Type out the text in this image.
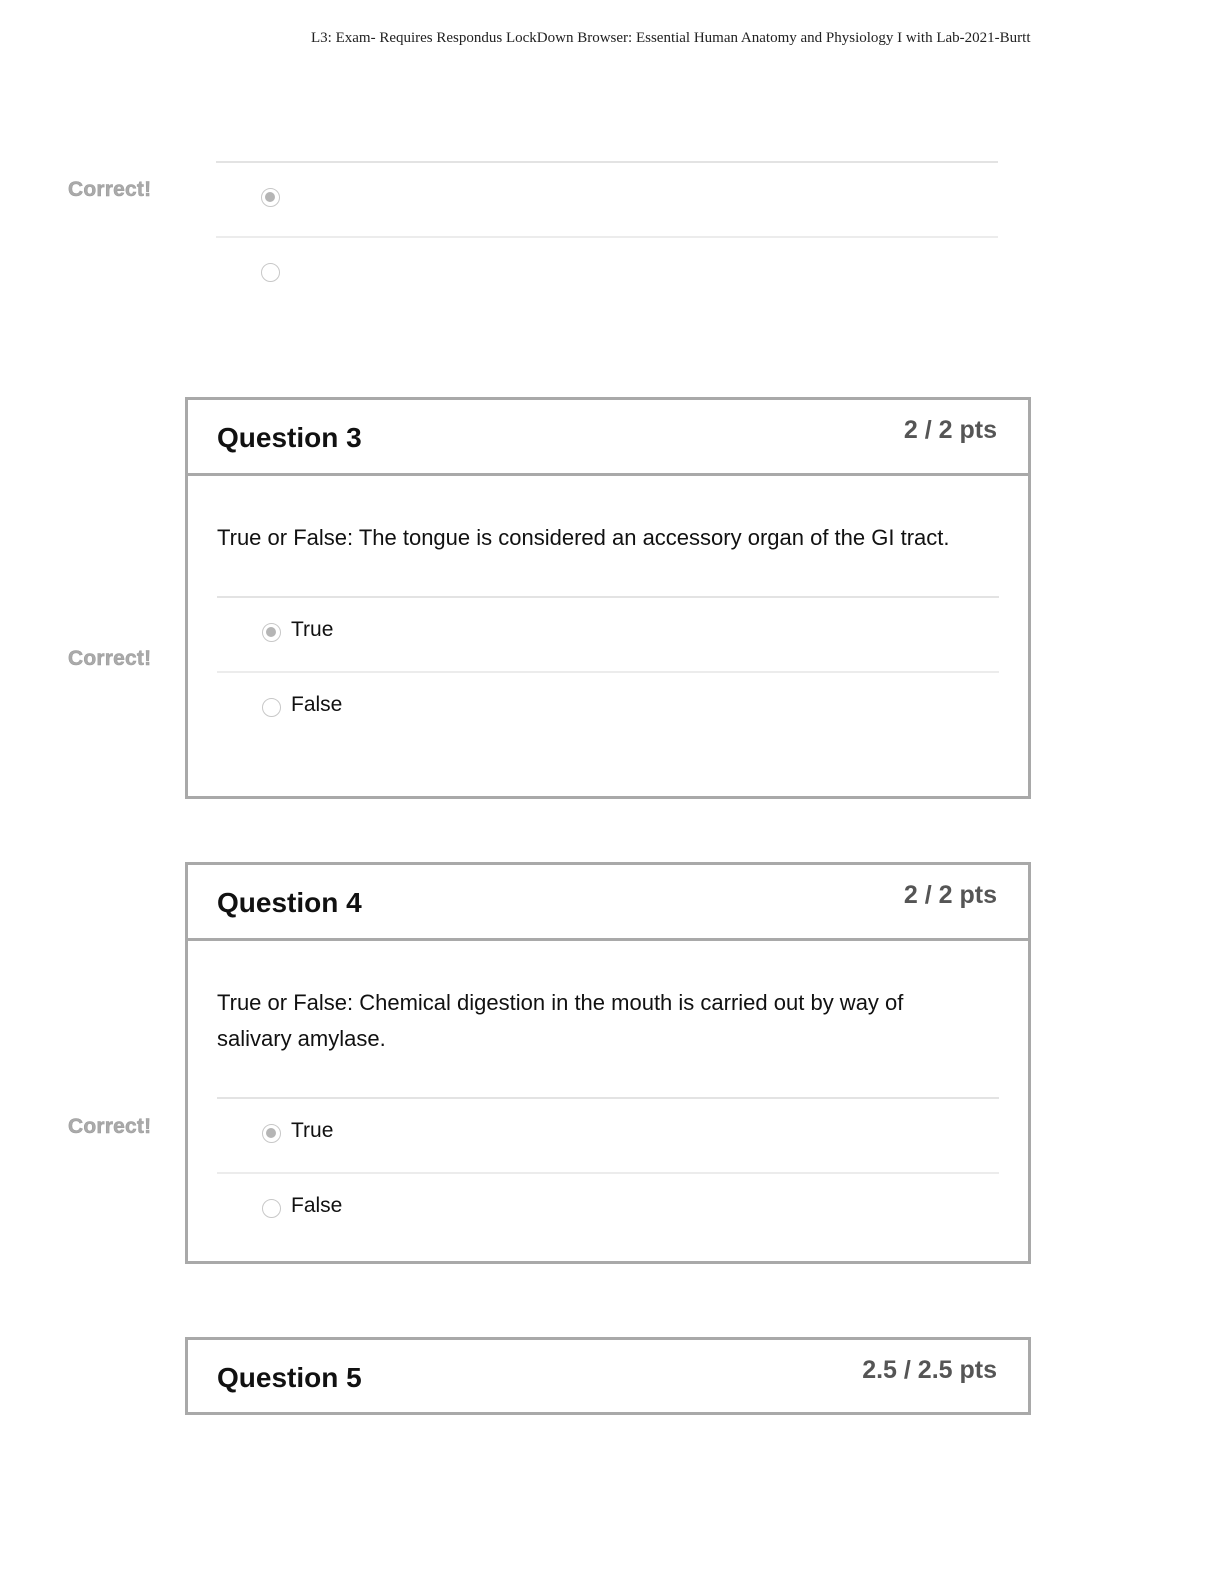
L3: Exam- Requires Respondus LockDown Browser: Essential Human Anatomy and Physiology I with Lab-2021-Burtt
Correct!
Question 3	2 / 2 pts
True or False: The tongue is considered an accessory organ of the GI tract.
True
False
Correct!
Question 4	2 / 2 pts
True or False: Chemical digestion in the mouth is carried out by way of salivary amylase.
True
False
Correct!
Question 5	2.5 / 2.5 pts
